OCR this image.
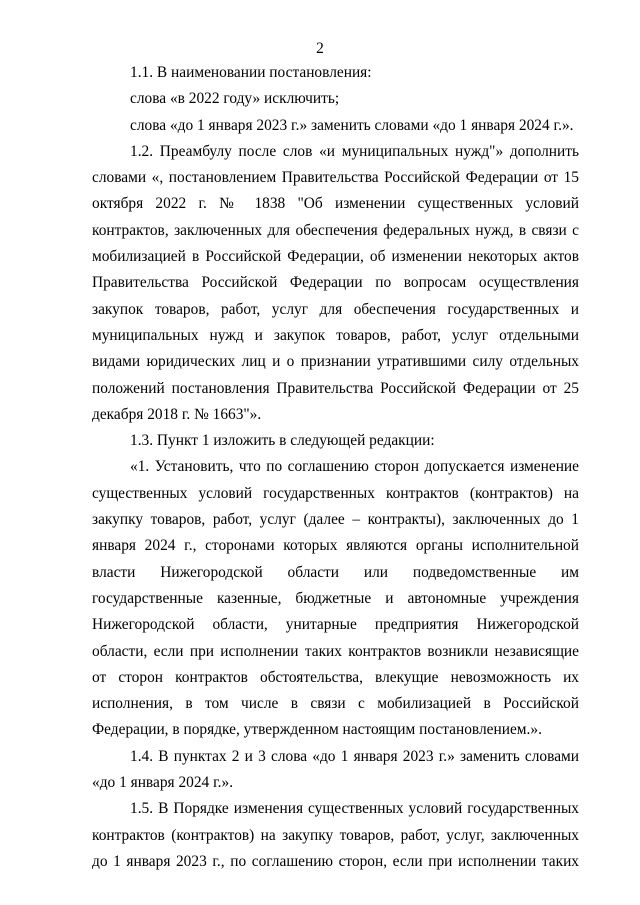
2

1.1. В наименовании постановления:

слова «в 2022 году» исключить;

слова «до 1 января 2023 г.» заменить словами «до 1 января 2024 г.».

1.2. Преамбулу после слов «и муниципальных нужд"» дополнить словами «, постановлением Правительства Российской Федерации от 15 октября 2022 г. № 1838 "Об изменении существенных условий контрактов, заключенных для обеспечения федеральных нужд, в связи с мобилизацией в Российской Федерации, об изменении некоторых актов Правительства Российской Федерации по вопросам осуществления закупок товаров, работ, услуг для обеспечения государственных и муниципальных нужд и закупок товаров, работ, услуг отдельными видами юридических лиц и о признании утратившими силу отдельных положений постановления Правительства Российской Федерации от 25 декабря 2018 г. № 1663"».

1.3. Пункт 1 изложить в следующей редакции:

«1. Установить, что по соглашению сторон допускается изменение существенных условий государственных контрактов (контрактов) на закупку товаров, работ, услуг (далее – контракты), заключенных до 1 января 2024 г., сторонами которых являются органы исполнительной власти Нижегородской области или подведомственные им государственные казенные, бюджетные и автономные учреждения Нижегородской области, унитарные предприятия Нижегородской области, если при исполнении таких контрактов возникли независящие от сторон контрактов обстоятельства, влекущие невозможность их исполнения, в том числе в связи с мобилизацией в Российской Федерации, в порядке, утвержденном настоящим постановлением.».

1.4. В пунктах 2 и 3 слова «до 1 января 2023 г.» заменить словами «до 1 января 2024 г.».

1.5. В Порядке изменения существенных условий государственных контрактов (контрактов) на закупку товаров, работ, услуг, заключенных до 1 января 2023 г., по соглашению сторон, если при исполнении таких
